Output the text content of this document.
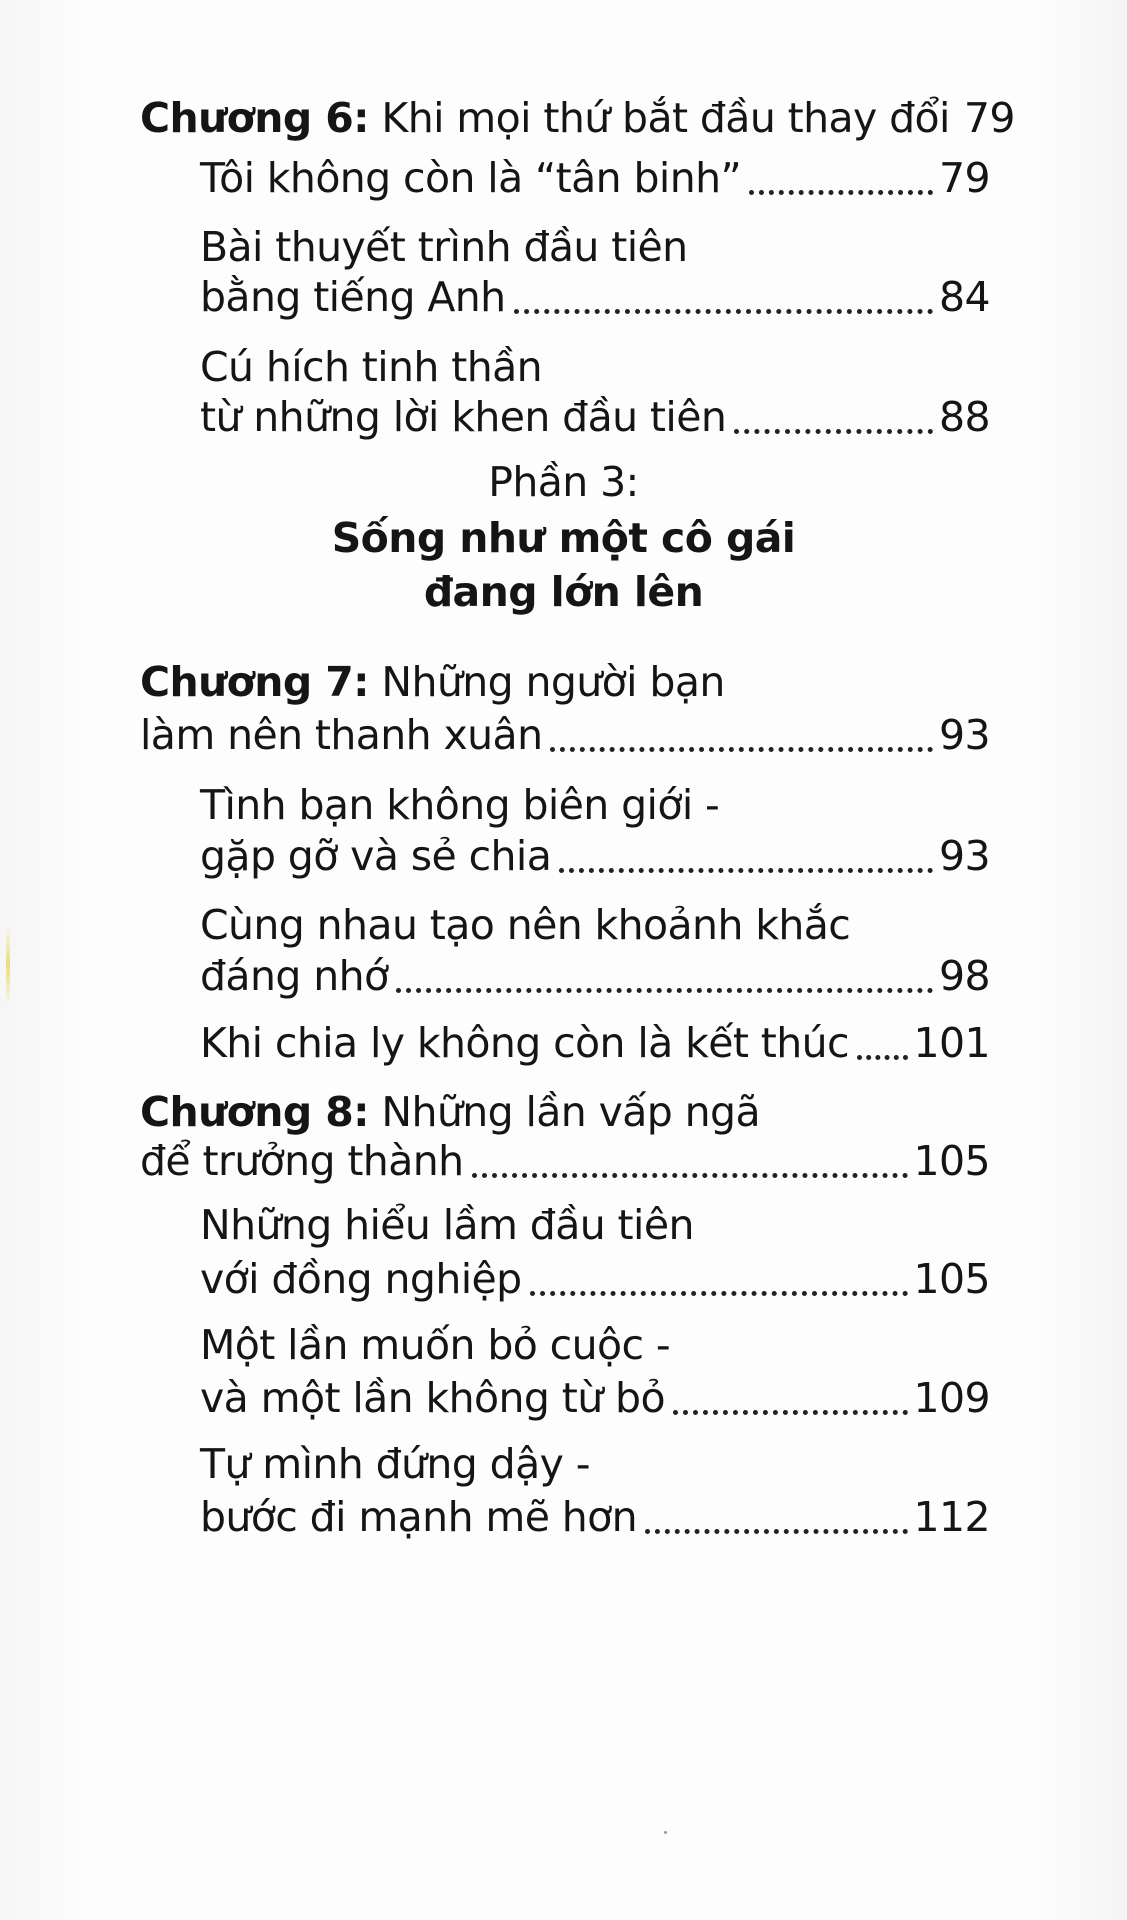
Chương 6: Khi mọi thứ bắt đầu thay đổi 79
Tôi không còn là “tân binh”	79
Bài thuyết trình đầu tiên
bằng tiếng Anh	84
Cú hích tinh thần
từ những lời khen đầu tiên	88
Phần 3:
Sống như một cô gái
đang lớn lên
Chương 7: Những người bạn
làm nên thanh xuân	93
Tình bạn không biên giới -
gặp gỡ và sẻ chia	93
Cùng nhau tạo nên khoảnh khắc
đáng nhớ	98
Khi chia ly không còn là kết thúc 101
Chương 8: Những lần vấp ngã
để trưởng thành	105
Những hiểu lầm đầu tiên
với đồng nghiệp	105
Một lần muốn bỏ cuộc -
và một lần không từ bỏ	109
Tự mình đứng dậy -
bước đi mạnh mẽ hơn	112
